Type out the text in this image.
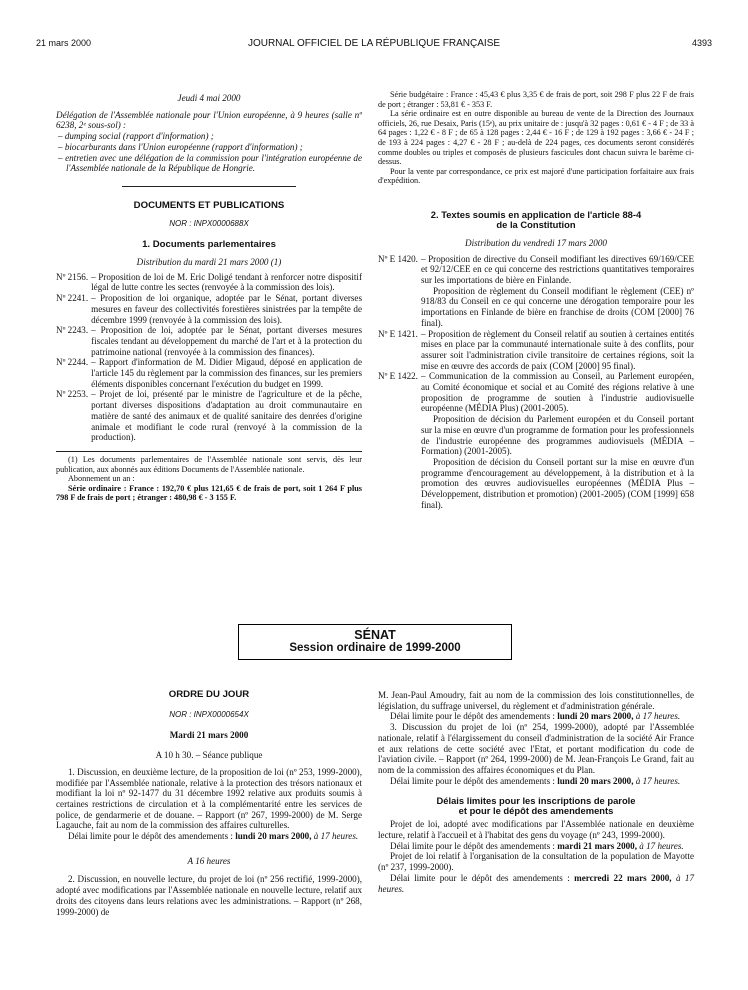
21 mars 2000	JOURNAL OFFICIEL DE LA RÉPUBLIQUE FRANÇAISE	4393

Jeudi 4 mai 2000

Délégation de l'Assemblée nationale pour l'Union européenne, à 9 heures (salle nº 6238, 2ᵉ sous-sol) :

– dumping social (rapport d'information) ;

– biocarburants dans l'Union européenne (rapport d'information) ;

– entretien avec une délégation de la commission pour l'intégration européenne de l'Assemblée nationale de la République de Hongrie.

DOCUMENTS ET PUBLICATIONS

NOR : INPX0000688X

1. Documents parlementaires

Distribution du mardi 21 mars 2000 (1)

Nº 2156. – Proposition de loi de M. Eric Doligé tendant à renforcer notre dispositif légal de lutte contre les sectes (renvoyée à la commission des lois).
Nº 2241. – Proposition de loi organique, adoptée par le Sénat, portant diverses mesures en faveur des collectivités forestières sinistrées par la tempête de décembre 1999 (renvoyée à la commission des lois).
Nº 2243. – Proposition de loi, adoptée par le Sénat, portant diverses mesures fiscales tendant au développement du marché de l'art et à la protection du patrimoine national (renvoyée à la commission des finances).
Nº 2244. – Rapport d'information de M. Didier Migaud, déposé en application de l'article 145 du règlement par la commission des finances, sur les premiers éléments disponibles concernant l'exécution du budget en 1999.
Nº 2253. – Projet de loi, présenté par le ministre de l'agriculture et de la pêche, portant diverses dispositions d'adaptation au droit communautaire en matière de santé des animaux et de qualité sanitaire des denrées d'origine animale et modifiant le code rural (renvoyé à la commission de la production).

(1) Les documents parlementaires de l'Assemblée nationale sont servis, dès leur publication, aux abonnés aux éditions Documents de l'Assemblée nationale.

Abonnement un an :

Série ordinaire : France : 192,70 € plus 121,65 € de frais de port, soit 1 264 F plus 798 F de frais de port ; étranger : 480,98 € - 3 155 F.

Série budgétaire : France : 45,43 € plus 3,35 € de frais de port, soit 298 F plus 22 F de frais de port ; étranger : 53,81 € - 353 F.

La série ordinaire est en outre disponible au bureau de vente de la Direction des Journaux officiels, 26, rue Desaix, Paris (15ᵉ), au prix unitaire de : jusqu'à 32 pages : 0,61 € - 4 F ; de 33 à 64 pages : 1,22 € - 8 F ; de 65 à 128 pages : 2,44 € - 16 F ; de 129 à 192 pages : 3,66 € - 24 F ; de 193 à 224 pages : 4,27 € - 28 F ; au-delà de 224 pages, ces documents seront considérés comme doubles ou triples et composés de plusieurs fascicules dont chacun suivra le barème ci-dessus.

Pour la vente par correspondance, ce prix est majoré d'une participation forfaitaire aux frais d'expédition.

2. Textes soumis en application de l'article 88-4
de la Constitution

Distribution du vendredi 17 mars 2000

Nº E 1420. – Proposition de directive du Conseil modifiant les directives 69/169/CEE et 92/12/CEE en ce qui concerne des restrictions quantitatives temporaires sur les importations de bière en Finlande.
Proposition de règlement du Conseil modifiant le règlement (CEE) nº 918/83 du Conseil en ce qui concerne une dérogation temporaire pour les importations en Finlande de bière en franchise de droits (COM [2000] 76 final).
Nº E 1421. – Proposition de règlement du Conseil relatif au soutien à certaines entités mises en place par la communauté internationale suite à des conflits, pour assurer soit l'administration civile transitoire de certaines régions, soit la mise en œuvre des accords de paix (COM [2000] 95 final).
Nº E 1422. – Communication de la commission au Conseil, au Parlement européen, au Comité économique et social et au Comité des régions relative à une proposition de programme de soutien à l'industrie audiovisuelle européenne (MÉDIA Plus) (2001-2005).
Proposition de décision du Parlement européen et du Conseil portant sur la mise en œuvre d'un programme de formation pour les professionnels de l'industrie européenne des programmes audiovisuels (MÉDIA – Formation) (2001-2005).
Proposition de décision du Conseil portant sur la mise en œuvre d'un programme d'encouragement au développement, à la distribution et à la promotion des œuvres audiovisuelles européennes (MÉDIA Plus – Développement, distribution et promotion) (2001-2005) (COM [1999] 658 final).
SÉNAT
Session ordinaire de 1999-2000

ORDRE DU JOUR

NOR : INPX0000654X

Mardi 21 mars 2000

A 10 h 30. – Séance publique

1. Discussion, en deuxième lecture, de la proposition de loi (nº 253, 1999-2000), modifiée par l'Assemblée nationale, relative à la protection des trésors nationaux et modifiant la loi nº 92-1477 du 31 décembre 1992 relative aux produits soumis à certaines restrictions de circulation et à la complémentarité entre les services de police, de gendarmerie et de douane. – Rapport (nº 267, 1999-2000) de M. Serge Lagauche, fait au nom de la commission des affaires culturelles.

Délai limite pour le dépôt des amendements : lundi 20 mars 2000, à 17 heures.

A 16 heures

2. Discussion, en nouvelle lecture, du projet de loi (nº 256 rectifié, 1999-2000), adopté avec modifications par l'Assemblée nationale en nouvelle lecture, relatif aux droits des citoyens dans leurs relations avec les administrations. – Rapport (nº 268, 1999-2000) de

M. Jean-Paul Amoudry, fait au nom de la commission des lois constitutionnelles, de législation, du suffrage universel, du règlement et d'administration générale.

Délai limite pour le dépôt des amendements : lundi 20 mars 2000, à 17 heures.

3. Discussion du projet de loi (nº 254, 1999-2000), adopté par l'Assemblée nationale, relatif à l'élargissement du conseil d'administration de la société Air France et aux relations de cette société avec l'Etat, et portant modification du code de l'aviation civile. – Rapport (nº 264, 1999-2000) de M. Jean-François Le Grand, fait au nom de la commission des affaires économiques et du Plan.

Délai limite pour le dépôt des amendements : lundi 20 mars 2000, à 17 heures.

Délais limites pour les inscriptions de parole
et pour le dépôt des amendements

Projet de loi, adopté avec modifications par l'Assemblée nationale en deuxième lecture, relatif à l'accueil et à l'habitat des gens du voyage (nº 243, 1999-2000).

Délai limite pour le dépôt des amendements : mardi 21 mars 2000, à 17 heures.

Projet de loi relatif à l'organisation de la consultation de la population de Mayotte (nº 237, 1999-2000).

Délai limite pour le dépôt des amendements : mercredi 22 mars 2000, à 17 heures.
